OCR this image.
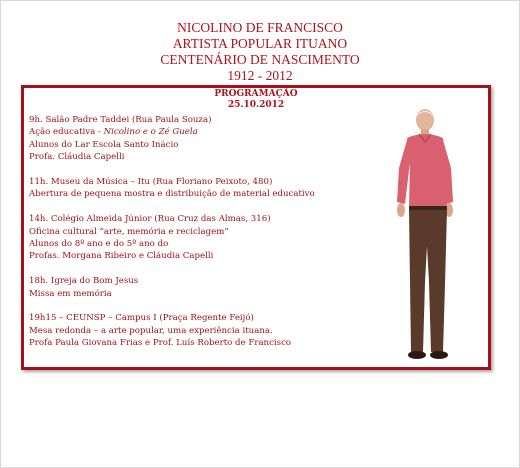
NICOLINO DE FRANCISCO
ARTISTA POPULAR ITUANO
CENTENÁRIO DE NASCIMENTO
1912 - 2012
PROGRAMAÇÃO
25.10.2012
9h. Salão Padre Taddei (Rua Paula Souza)
Ação educativa - Nicolino e o Zé Guela
Alunos do Lar Escola Santo Inácio
Profa. Cláudia Capelli
11h. Museu da Música – Itu (Rua Floriano Peixoto, 480)
Abertura de pequena mostra e distribuição de material educativo
14h. Colégio Almeida Júnior (Rua Cruz das Almas, 316)
Oficina cultural “arte, memória e reciclagem”
Alunos do 8º ano e do 5º ano do
Profas. Morgana Ribeiro e Cláudia Capelli
18h. Igreja do Bom Jesus
Missa em memória
19h15 – CEUNSP – Campus I (Praça Regente Feijó)
Mesa redonda – a arte popular, uma experiência ituana.
Profa Paula Giovana Frias e Prof. Luís Roberto de Francisco
